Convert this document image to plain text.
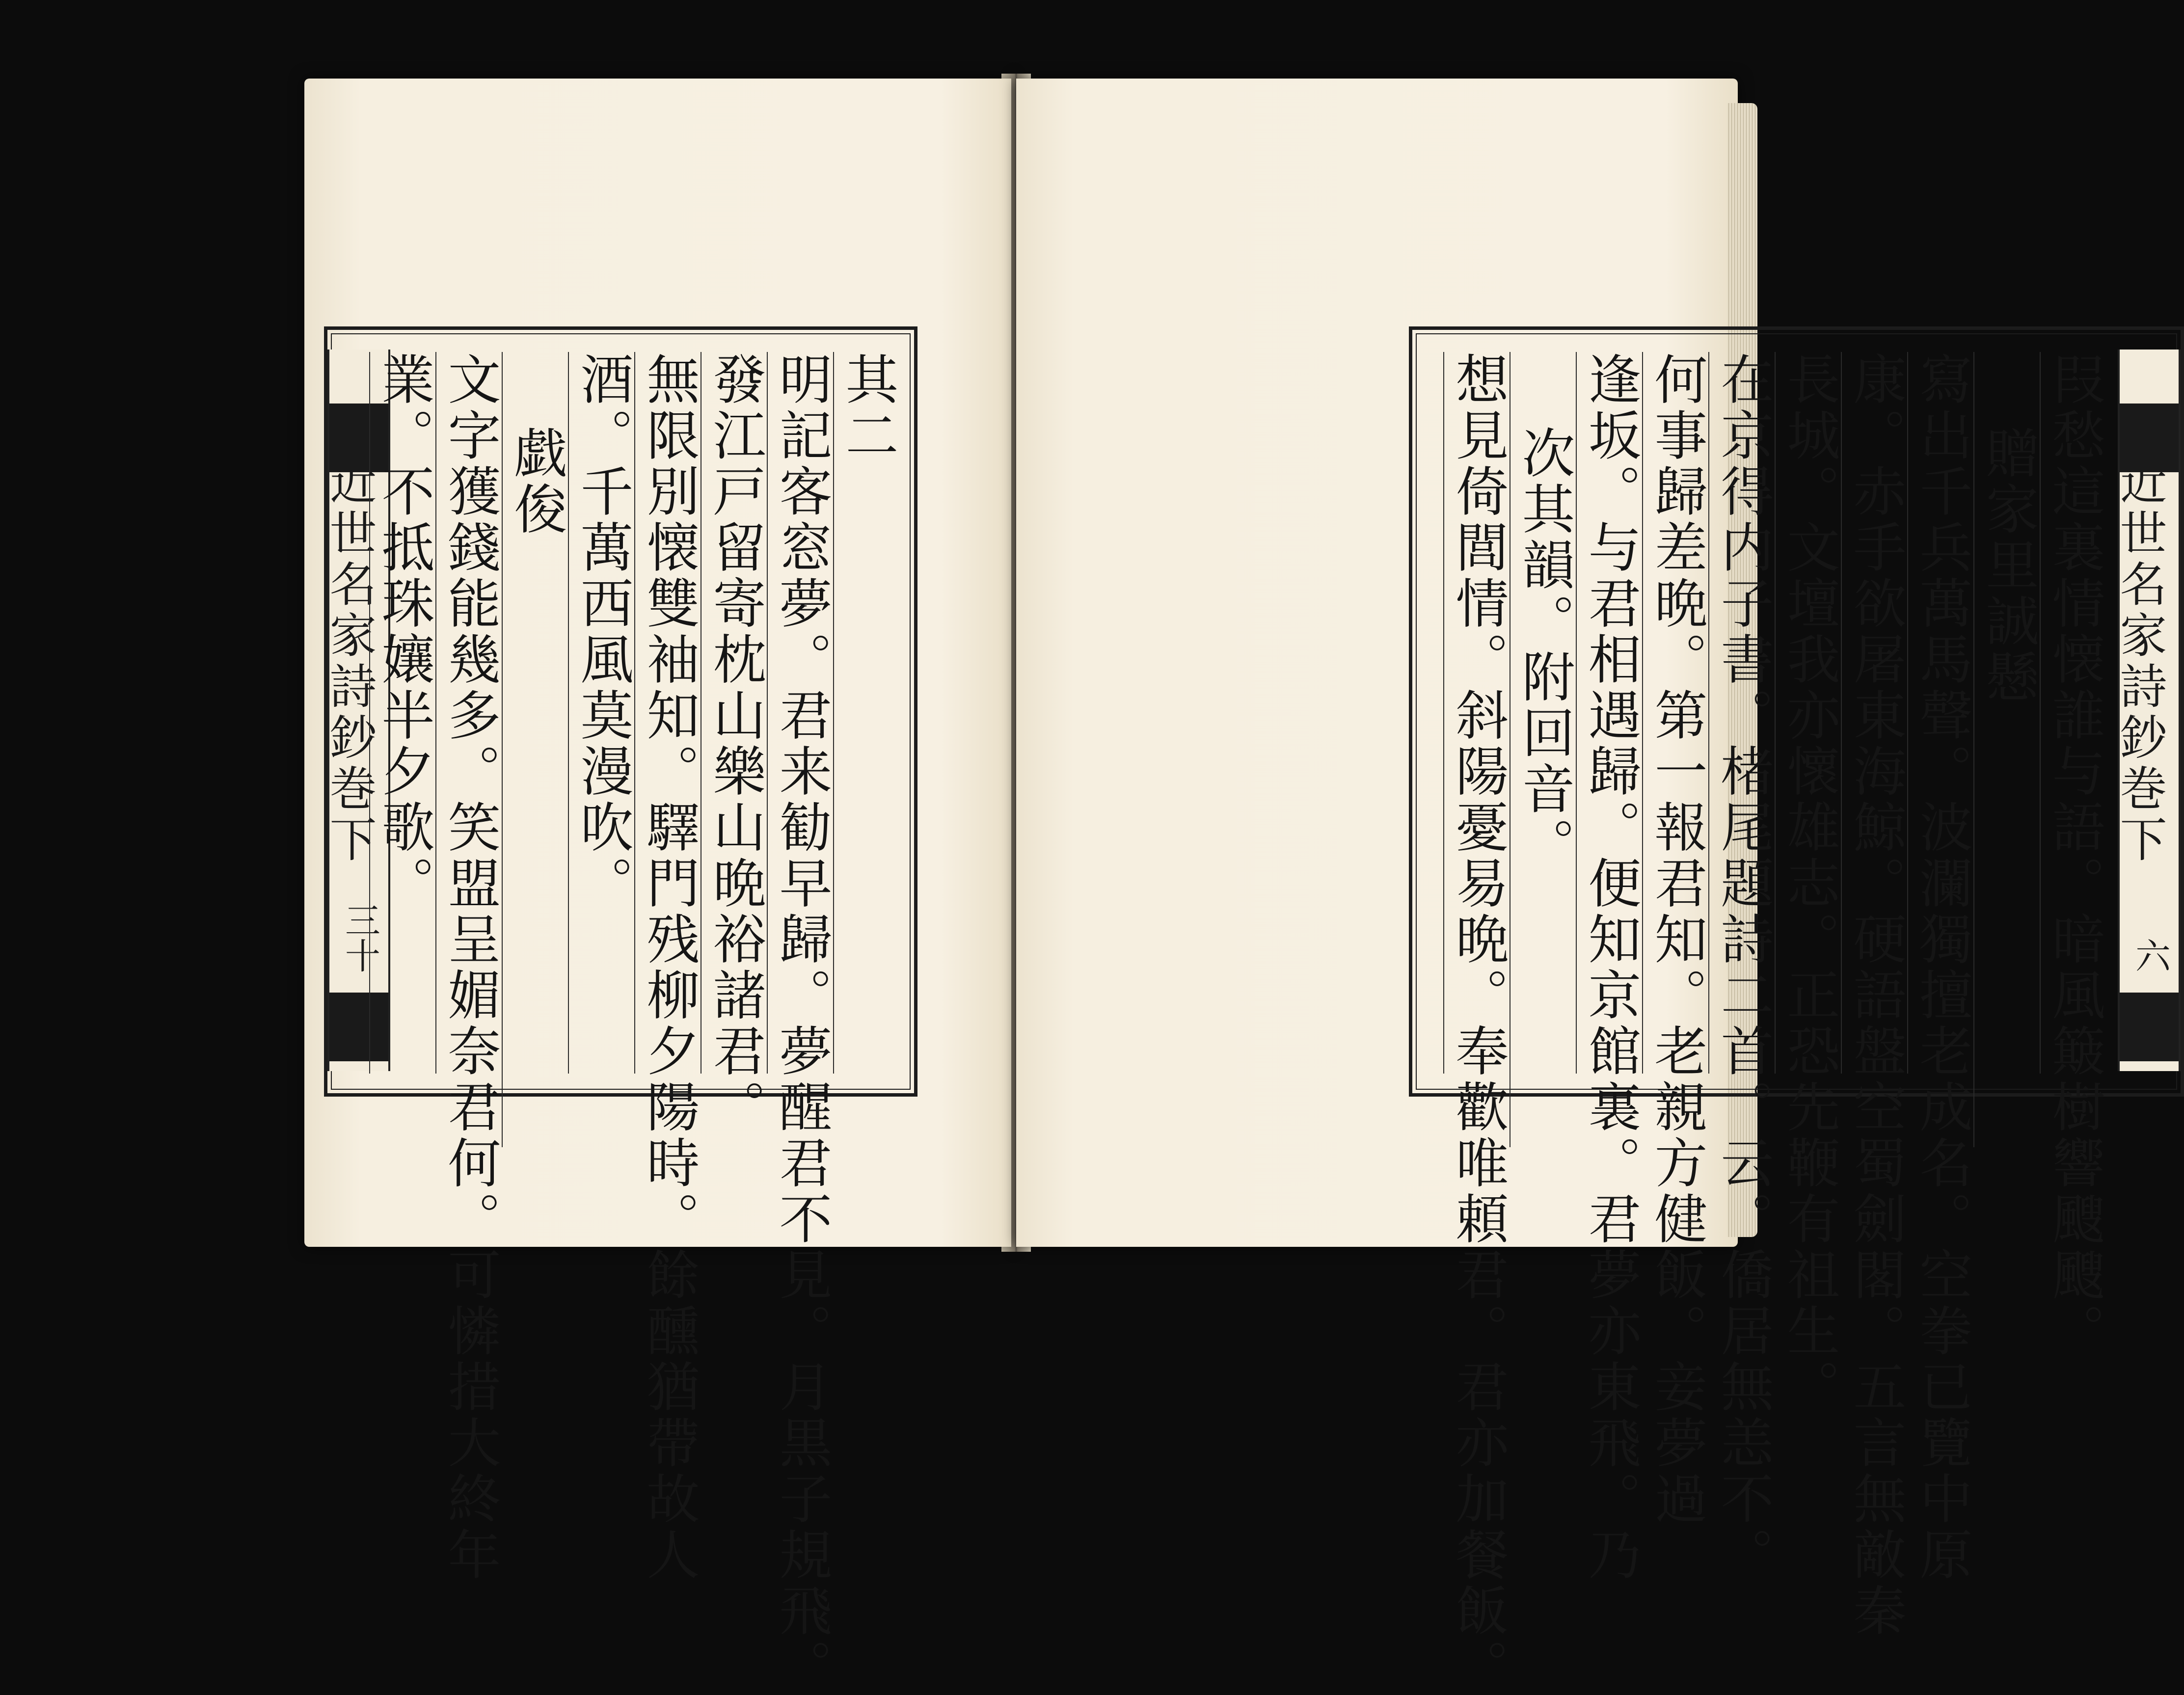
近世名家詩鈔巻下
三十
其二
明記客窓夢。君来勧早歸。夢醒君不見。月黒子規飛。
發江戸留寄枕山樂山晩裕諸君。
無限別懐雙袖知。驛門残柳夕陽時。餘醺猶帶故人
酒。千萬西風莫漫吹。
戯俊
文字獲錢能幾多。笑盟呈媚奈君何。可憐措大終年
業。不抵珠孃半夕歌。	近世名家詩鈔巻下
六
叚愁這裏情懐誰与語。暗風簸樹響颼颼。
贈家里誠懸
寫出千兵萬馬聲。波瀾獨擅老成名。空拳已覽中原
康。赤手欲屠東海鯨。硬語盤空蜀劍閣。五言無敵秦
長城。文壇我亦懷雄志。正恐先鞭有祖生。
在京得内子書。楮尾題詩二首。云。僑居無恙不。
何事歸差晩。第一報君知。老親方健飯。妾夢過
逢坂。与君相遇歸。便知京館裏。君夢亦東飛。乃
次其韻。附回音。
想見倚閭情。斜陽憂易晩。奉歡唯頼君。君亦加餐飯。
